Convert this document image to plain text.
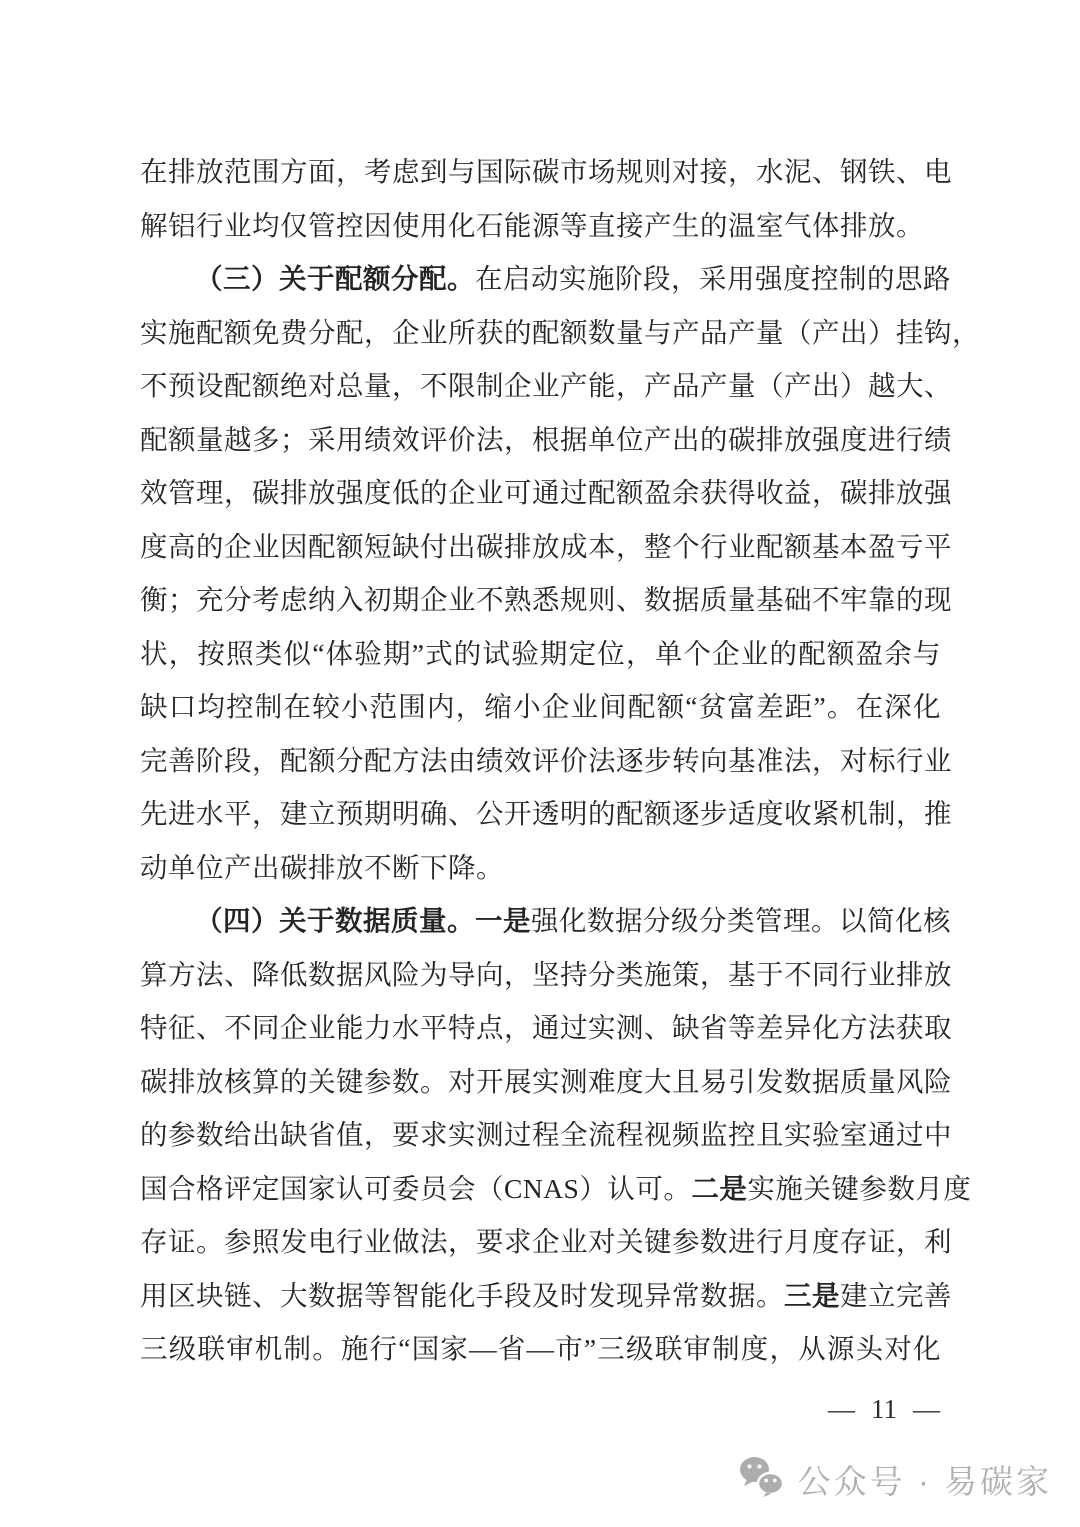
在排放范围方面，考虑到与国际碳市场规则对接，水泥、钢铁、电
解铝行业均仅管控因使用化石能源等直接产生的温室气体排放。
（三）关于配额分配。在启动实施阶段，采用强度控制的思路
实施配额免费分配，企业所获的配额数量与产品产量（产出）挂钩，
不预设配额绝对总量，不限制企业产能，产品产量（产出）越大、
配额量越多；采用绩效评价法，根据单位产出的碳排放强度进行绩
效管理，碳排放强度低的企业可通过配额盈余获得收益，碳排放强
度高的企业因配额短缺付出碳排放成本，整个行业配额基本盈亏平
衡；充分考虑纳入初期企业不熟悉规则、数据质量基础不牢靠的现
状，按照类似“体验期”式的试验期定位，单个企业的配额盈余与
缺口均控制在较小范围内，缩小企业间配额“贫富差距”。在深化
完善阶段，配额分配方法由绩效评价法逐步转向基准法，对标行业
先进水平，建立预期明确、公开透明的配额逐步适度收紧机制，推
动单位产出碳排放不断下降。
（四）关于数据质量。一是强化数据分级分类管理。以简化核
算方法、降低数据风险为导向，坚持分类施策，基于不同行业排放
特征、不同企业能力水平特点，通过实测、缺省等差异化方法获取
碳排放核算的关键参数。对开展实测难度大且易引发数据质量风险
的参数给出缺省值，要求实测过程全流程视频监控且实验室通过中
国合格评定国家认可委员会（CNAS）认可。二是实施关键参数月度
存证。参照发电行业做法，要求企业对关键参数进行月度存证，利
用区块链、大数据等智能化手段及时发现异常数据。三是建立完善
三级联审机制。施行“国家—省—市”三级联审制度，从源头对化
— 11 —
公众号 · 易碳家
